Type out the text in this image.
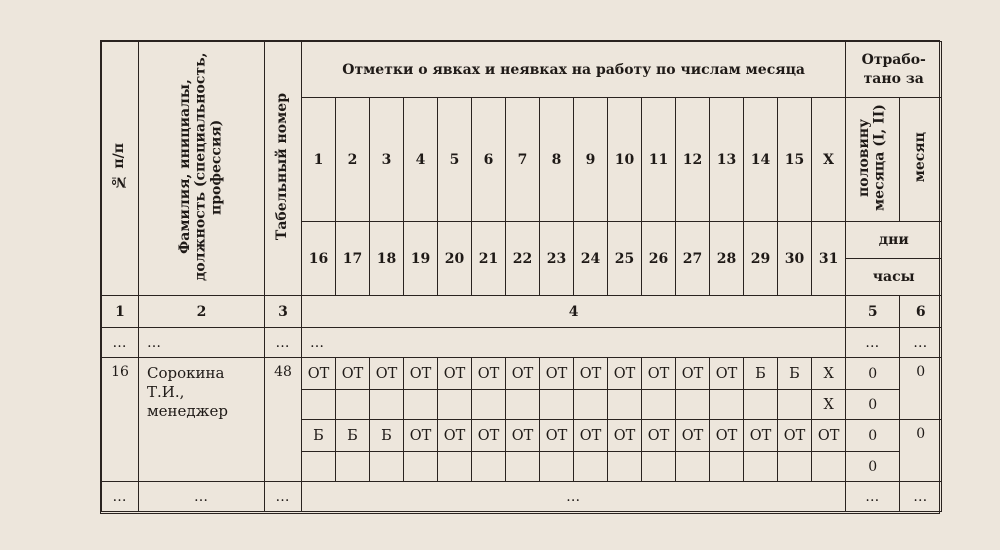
№ п/п	Фамилия, инициалы, должность (специальность, профессия)	Табельный номер	Отметки о явках и неявках на работу по числам месяца																Отрабо-тано за	
			1	2	3	4	5	6	7	8	9	10	11	12	13	14	15	Х	половину месяца (I, II)	месяц
			16	17	18	19	20	21	22	23	24	25	26	27	28	29	30	31	дни	
																			часы	
1	2	3	4																5	6
…	…	…	…																…	…
16	Сорокина
Т.И.,
менеджер	48	ОТ	ОТ	ОТ	ОТ	ОТ	ОТ	ОТ	ОТ	ОТ	ОТ	ОТ	ОТ	ОТ	Б	Б	Х	0	0
																		Х	0	
			Б	Б	Б	ОТ	ОТ	ОТ	ОТ	ОТ	ОТ	ОТ	ОТ	ОТ	ОТ	ОТ	ОТ	ОТ	0	0
																			0	
…	…	…	…																…	…
